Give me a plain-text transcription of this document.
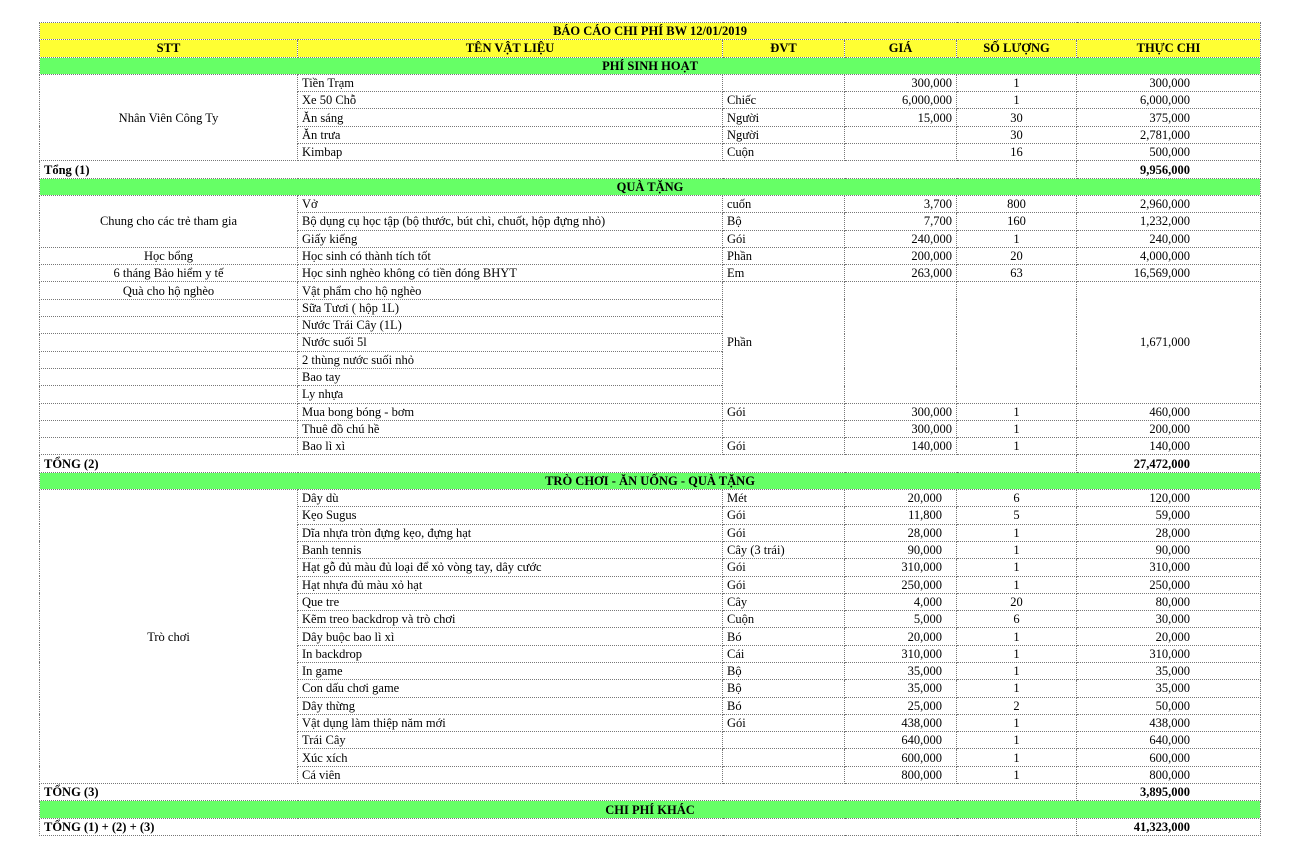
BÁO CÁO CHI PHÍ BW 12/01/2019					
STT	TÊN VẬT LIỆU	ĐVT	GIÁ	SỐ LƯỢNG	THỰC CHI
PHÍ SINH HOẠT					
Nhân Viên Công Ty	Tiền Trạm		300,000	1	300,000
	Xe 50 Chỗ	Chiếc	6,000,000	1	6,000,000
	Ăn sáng	Người	15,000	30	375,000
	Ăn trưa	Người		30	2,781,000
	Kimbap	Cuộn		16	500,000
Tổng (1)					9,956,000
QUÀ TẶNG					
Chung cho các trẻ tham gia	Vở	cuốn	3,700	800	2,960,000
	Bộ dụng cụ học tập (bộ thước, bút chì, chuốt, hộp đựng nhỏ)	Bộ	7,700	160	1,232,000
	Giấy kiếng	Gói	240,000	1	240,000
Học bổng	Học sinh có thành tích tốt	Phần	200,000	20	4,000,000
6 tháng Bảo hiểm y tế	Học sinh nghèo không có tiền đóng BHYT	Em	263,000	63	16,569,000
Quà cho hộ nghèo	Vật phẩm cho hộ nghèo	Phần			1,671,000
	Sữa Tươi ( hộp 1L)				
	Nước Trái Cây (1L)				
	Nước suối 5l				
	2 thùng nước suối nhỏ				
	Bao tay				
	Ly nhựa				
	Mua bong bóng - bơm	Gói	300,000	1	460,000
	Thuê đồ chú hề		300,000	1	200,000
	Bao lì xì	Gói	140,000	1	140,000
TỔNG (2)					27,472,000
TRÒ CHƠI - ĂN UỐNG - QUÀ TẶNG					
Trò chơi	Dây dù	Mét	20,000	6	120,000
	Kẹo Sugus	Gói	11,800	5	59,000
	Dĩa nhựa tròn đựng kẹo, đựng hạt	Gói	28,000	1	28,000
	Banh tennis	Cây (3 trái)	90,000	1	90,000
	Hạt gỗ đủ màu đủ loại để xỏ vòng tay, dây cước	Gói	310,000	1	310,000
	Hạt nhựa đủ màu xỏ hạt	Gói	250,000	1	250,000
	Que tre	Cây	4,000	20	80,000
	Kẽm treo backdrop và trò chơi	Cuộn	5,000	6	30,000
	Dây buộc bao lì xì	Bó	20,000	1	20,000
	In backdrop	Cái	310,000	1	310,000
	In game	Bộ	35,000	1	35,000
	Con dấu chơi game	Bộ	35,000	1	35,000
	Dây thừng	Bó	25,000	2	50,000
	Vật dụng làm thiệp năm mới	Gói	438,000	1	438,000
	Trái Cây		640,000	1	640,000
	Xúc xích		600,000	1	600,000
	Cá viên		800,000	1	800,000
TỔNG (3)					3,895,000
CHI PHÍ KHÁC					
TỔNG (1) + (2) + (3)					41,323,000
